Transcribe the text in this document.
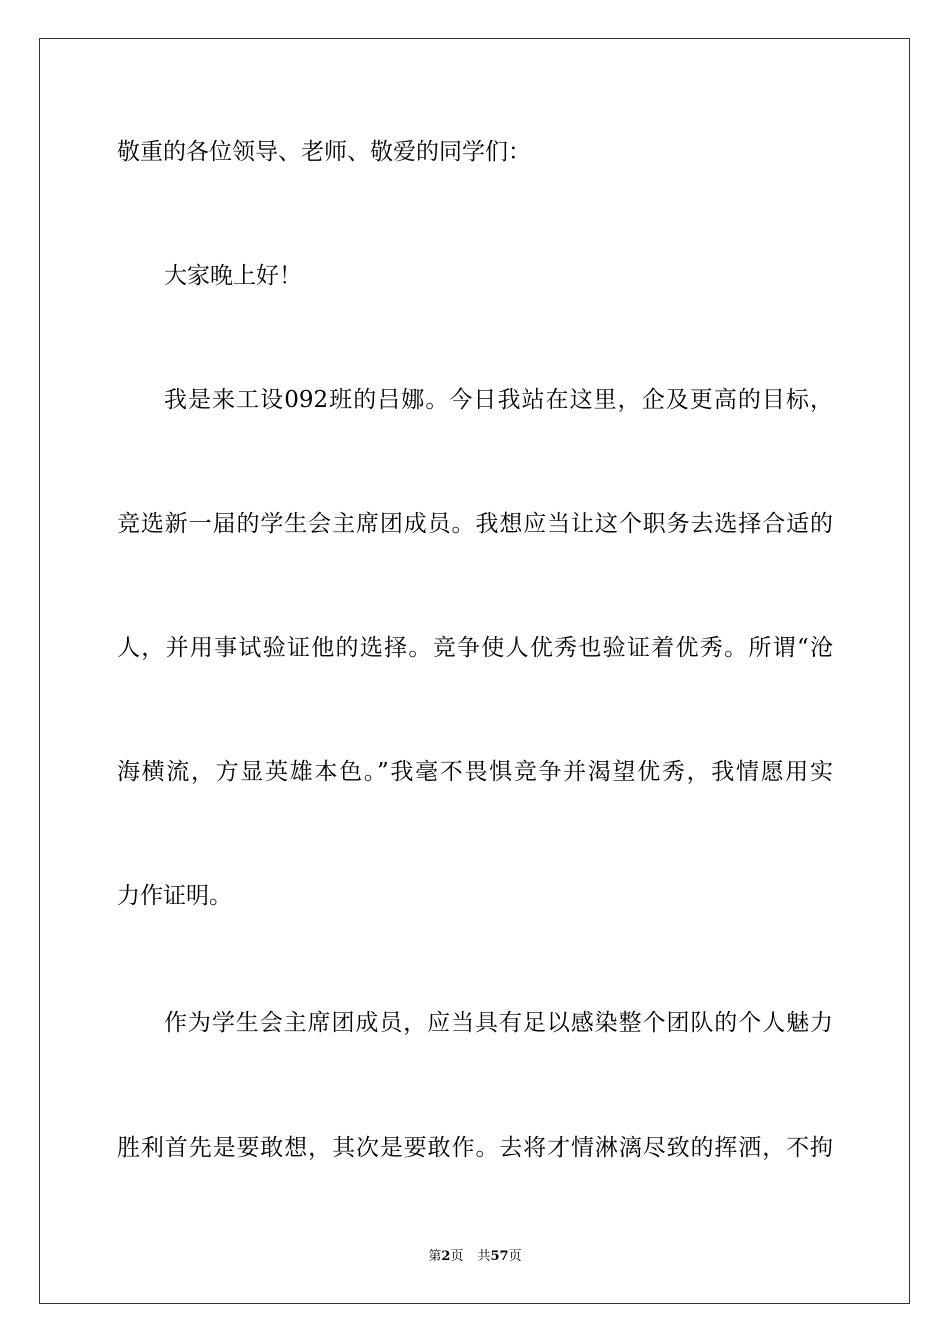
敬重的各位领导、老师、敬爱的同学们：
大家晚上好！
我是来工设092班的吕娜。今日我站在这里，企及更高的目标，
竞选新一届的学生会主席团成员。我想应当让这个职务去选择合适的
人，并用事试验证他的选择。竞争使人优秀也验证着优秀。所谓“沧
海横流，方显英雄本色。”我毫不畏惧竞争并渴望优秀，我情愿用实
力作证明。
作为学生会主席团成员，应当具有足以感染整个团队的个人魅力
胜利首先是要敢想，其次是要敢作。去将才情淋漓尽致的挥洒，不拘
第2页 共57页
